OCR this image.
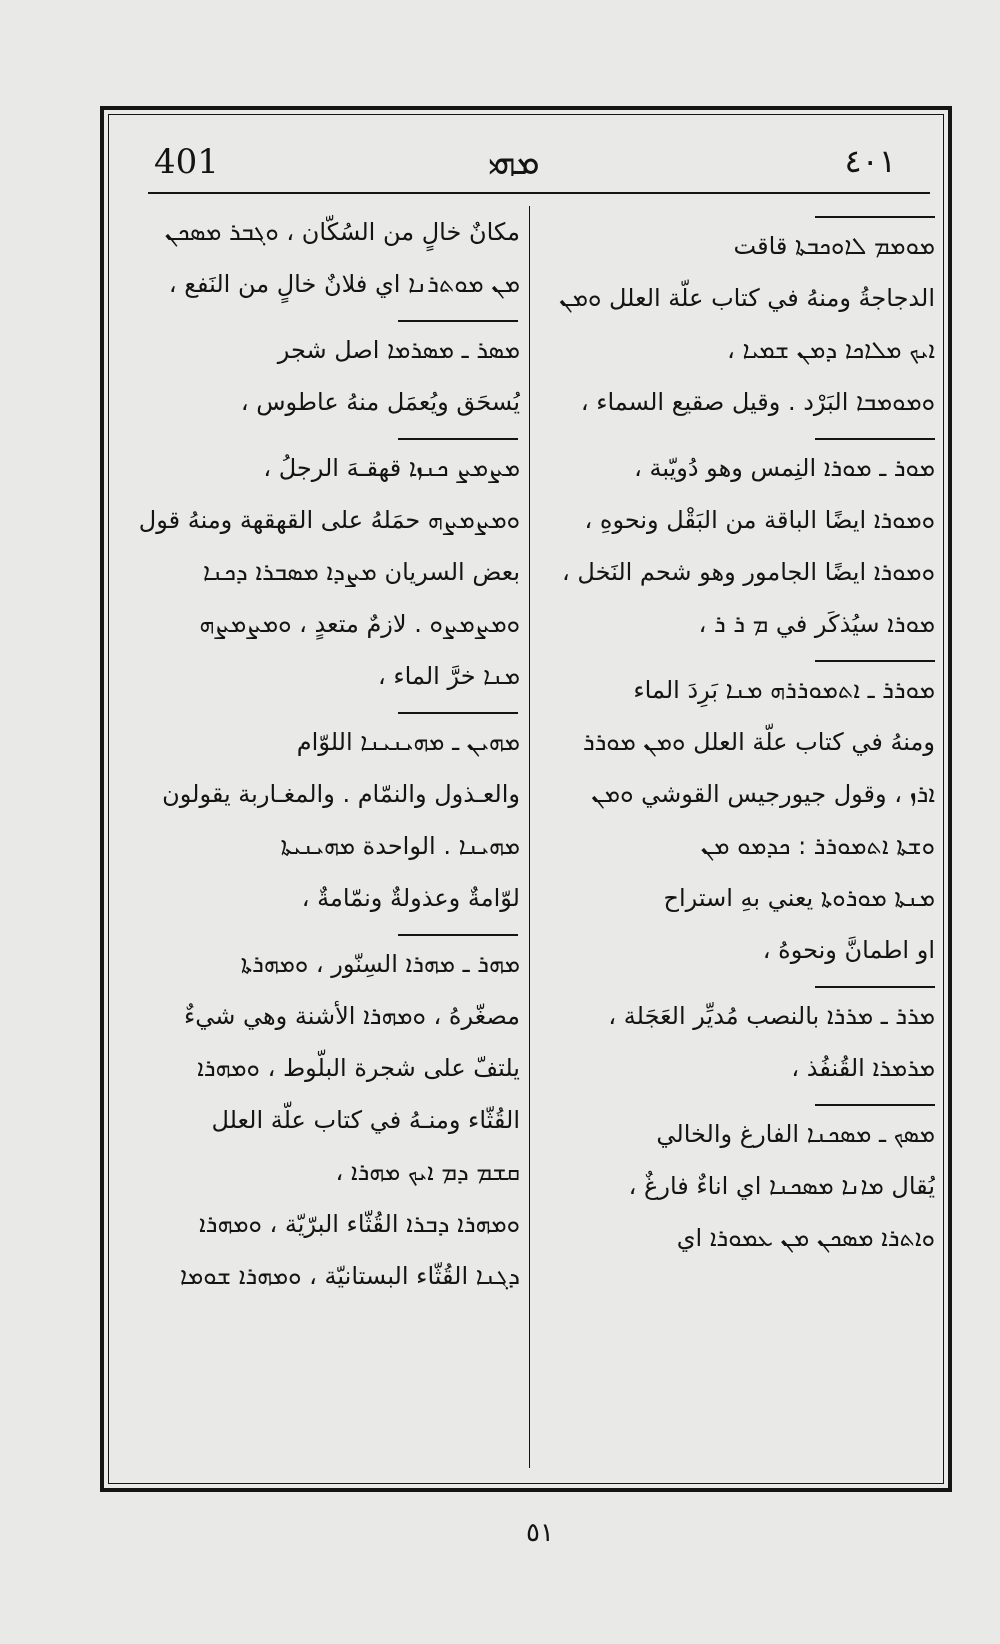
401	ܡܗܝ	٤٠١
ܡܘܡܡ ܠܐܘܟܒܬܐ قاقت
الدجاجةُ ومنهُ في كتاب علّة العلل ܘܡܢ
ܐܝܟ ܡܠܐܟܐ ܕܡܢ ܫܡܝܐ ،
ܘܡܘܡܒܐ البَرْد . وقيل صقيع السماء ،
ܡܘܪ ـ ܡܘܪܐ النِمس وهو دُويّبة ،
ܘܡܘܪܐ ايضًا الباقة من البَقْل ونحوهِ ،
ܘܡܘܪܐ ايضًا الجامور وهو شحم النَخل ،
ܡܘܪܐ سيُذكَر في ܡ ܪ ܪ ،
ܡܘܪܪ ـ ܐܬܡܘܪܪܗ ܡܢܐ بَرِدَ الماء
ومنهُ في كتاب علّة العلل ܘܡܢ ܡܘܪܪ
ܐܪܙ ، وقول جيورجيس القوشي ܘܡܢ
ܘܫܬܐ ܐܬܡܘܪܪ : ܟܕܡܘ ܡܢ
ܡܢܬܐ ܡܘܪܘܬܐ يعني بهِ استراح
او اطمانَّ ونحوهُ ،
ܡܪܪ ـ ܡܪܪܐ بالنصب مُديِّر العَجَلة ،
ܡܪܡܪܐ القُنفُذ ،
ܡܣܟ ـ ܡܣܟܢܐ الفارغ والخالي
يُقال ܡܐܢܐ ܡܣܟܢܐ اي اناءٌ فارغٌ ،
ܘܐܬܪܐ ܡܣܟܢ ܡܢ ܥܡܘܪܐ اي
مكانٌ خالٍ من السُكّان ، ܘܓܒܪ ܡܣܟܢ
ܡܢ ܡܘܬܪܢܐ اي فلانٌ خالٍ من النَفع ،
ܡܣܪ ـ ܡܣܪܡܐ اصل شجر
يُسحَق ويُعمَل منهُ عاطوس ،
ܡܨܡܨ ܟܢܙܐ قهقـهَ الرجلُ ،
ܘܡܨܡܨܗ حمَلهُ على القهقهة ومنهُ قول
بعض السريان ܡܨܕܐ ܡܣܒܪܐ ܕܟܢܐ
ܘܡܨܡܨܘ . لازمٌ متعدٍ ، ܘܡܨܡܨܗ
ܡܢܐ خرَّ الماء ،
ܡܗܝܢ ـ ܡܗܝܢܝܢܐ اللوّام
والعـذول والنمّام . والمغـاربة يقولون
ܡܗܝܢܐ . الواحدة ܡܗܝܢܝܬܐ
لوّامةٌ وعذولةٌ ونمّامةٌ ،
ܡܗܪ ـ ܡܗܪܐ السِنّور ، ܘܡܗܪܬܐ
مصغّرهُ ، ܘܡܗܪܐ الأشنة وهي شيءٌ
يلتفّ على شجرة البلّوط ، ܘܡܗܪܐ
القُثّاء ومنـهُ في كتاب علّة العلل
ܩܫܡ ܕܡ ܐܝܟ ܡܗܪܐ ،
ܘܡܗܪܐ ܕܒܪܐ القُثّاء البرّيّة ، ܘܡܗܪܐ
ܕܓܢܐ القُثّاء البستانيّة ، ܘܡܗܪܐ ܫܘܡܐ
٥١
